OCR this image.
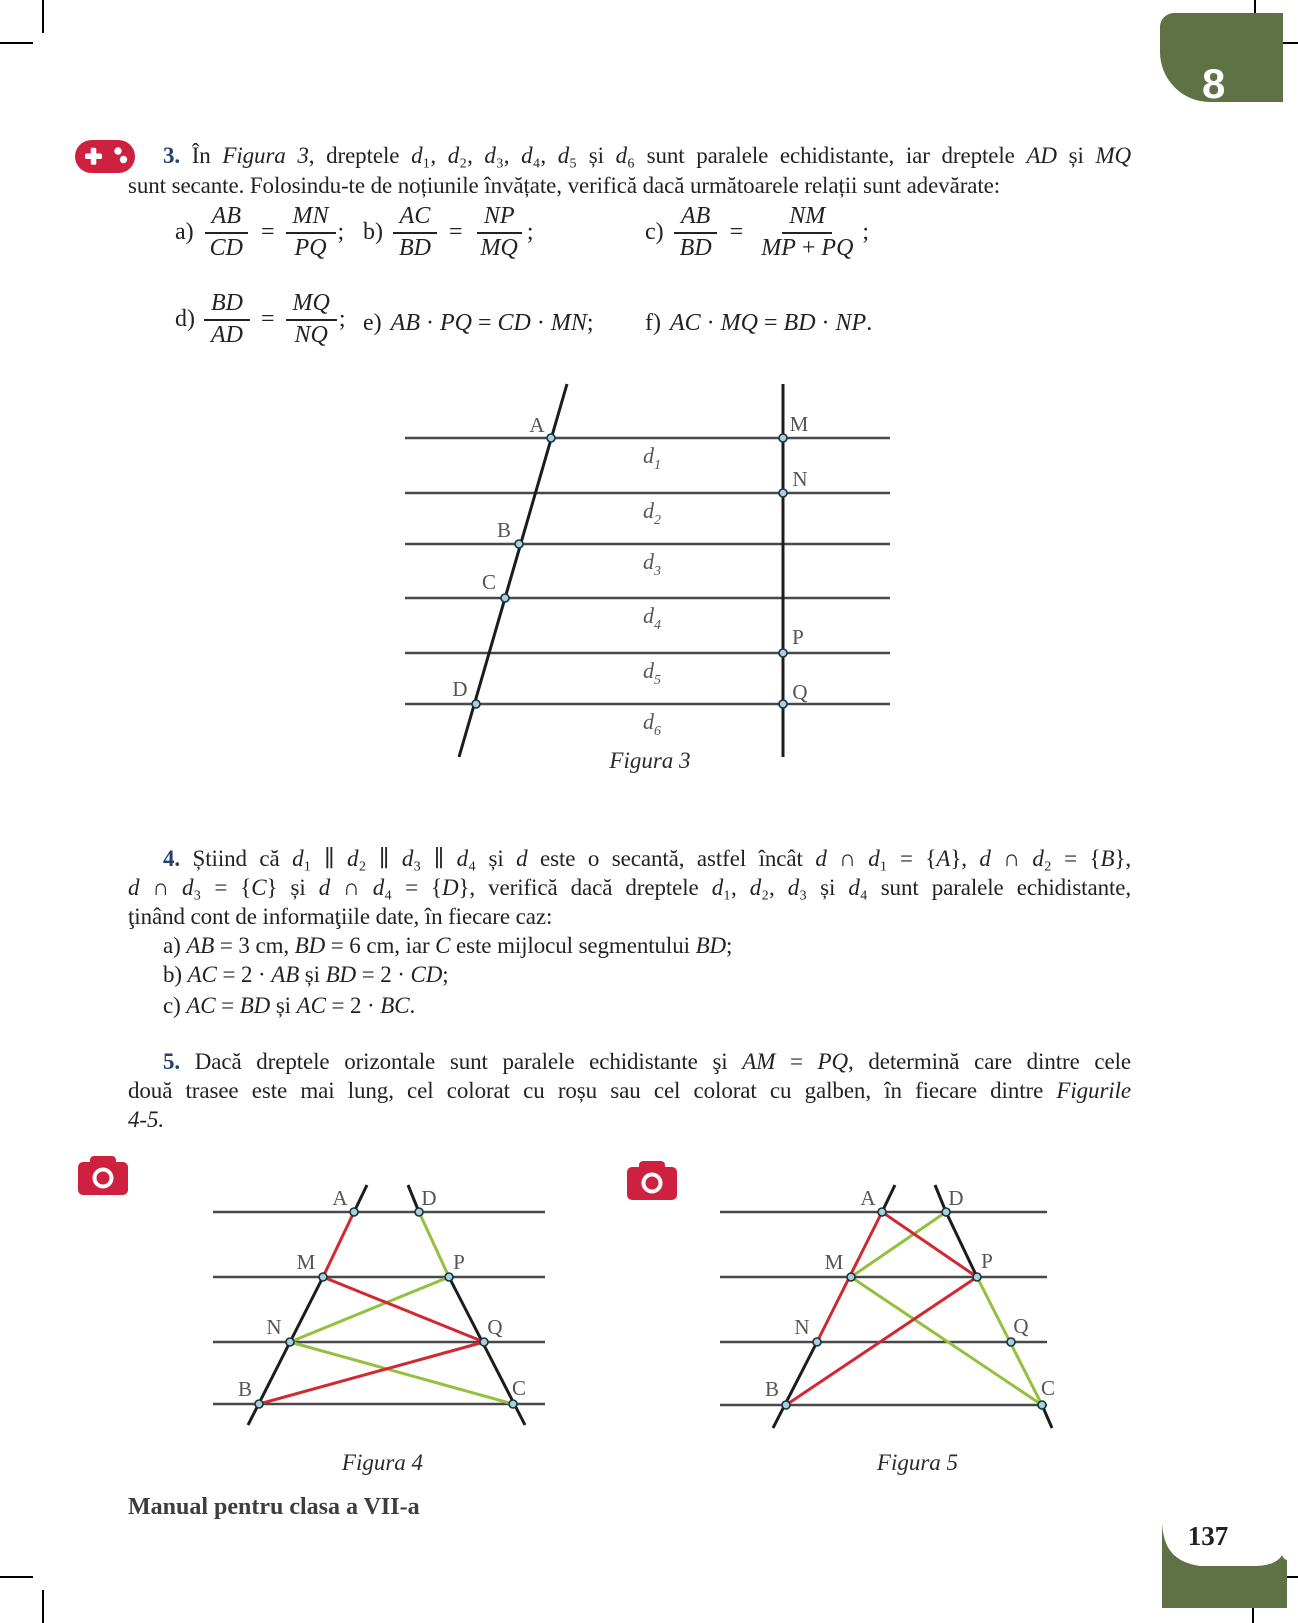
8
3. În Figura 3, dreptele d₁, d₂, d₃, d₄, d₅ și d₆ sunt paralele echidistante, iar dreptele AD și MQ
sunt secante. Folosindu-te de noțiunile învățate, verifică dacă următoarele relații sunt adevărate:
$a) \frac{AB}{CD} = \frac{MN}{PQ}$ ; $b) \frac{AC}{BD} = \frac{NP}{MQ}$ ;	$c) \frac{AB}{BD} = \frac{NM}{MP + PQ}$ ;
$d) \frac{BD}{AD} = \frac{MQ}{NQ}$ ; e) AB · PQ = CD · MN; f) AC · MQ = BD · NP.
$d_1$
$d_2$
$d_3$
$d_4$
$d_5$
$d_6$
A
B
C
D
M
N
P
Q
Figura 3
4. Știind că d₁ ∥ d₂ ∥ d₃ ∥ d₄ și d este o secantă, astfel încât d ∩ d₁ = {A}, d ∩ d₂ = {B},
d ∩ d₃ = {C} și d ∩ d₄ = {D}, verifică dacă dreptele d₁, d₂, d₃ și d₄ sunt paralele echidistante,
ţinând cont de informaţiile date, în fiecare caz:
a) AB = 3 cm, BD = 6 cm, iar C este mijlocul segmentului BD;
b) AC = 2 · AB și BD = 2 · CD;
c) AC = BD și AC = 2 · BC.
5. Dacă dreptele orizontale sunt paralele echidistante şi AM = PQ, determină care dintre cele
două trasee este mai lung, cel colorat cu roșu sau cel colorat cu galben, în fiecare dintre Figurile
4-5.
A	D
M	P
N	Q
B	C
Figura 4
A	D
M	P
N	Q
B	C
Figura 5
Manual pentru clasa a VII-a
137
